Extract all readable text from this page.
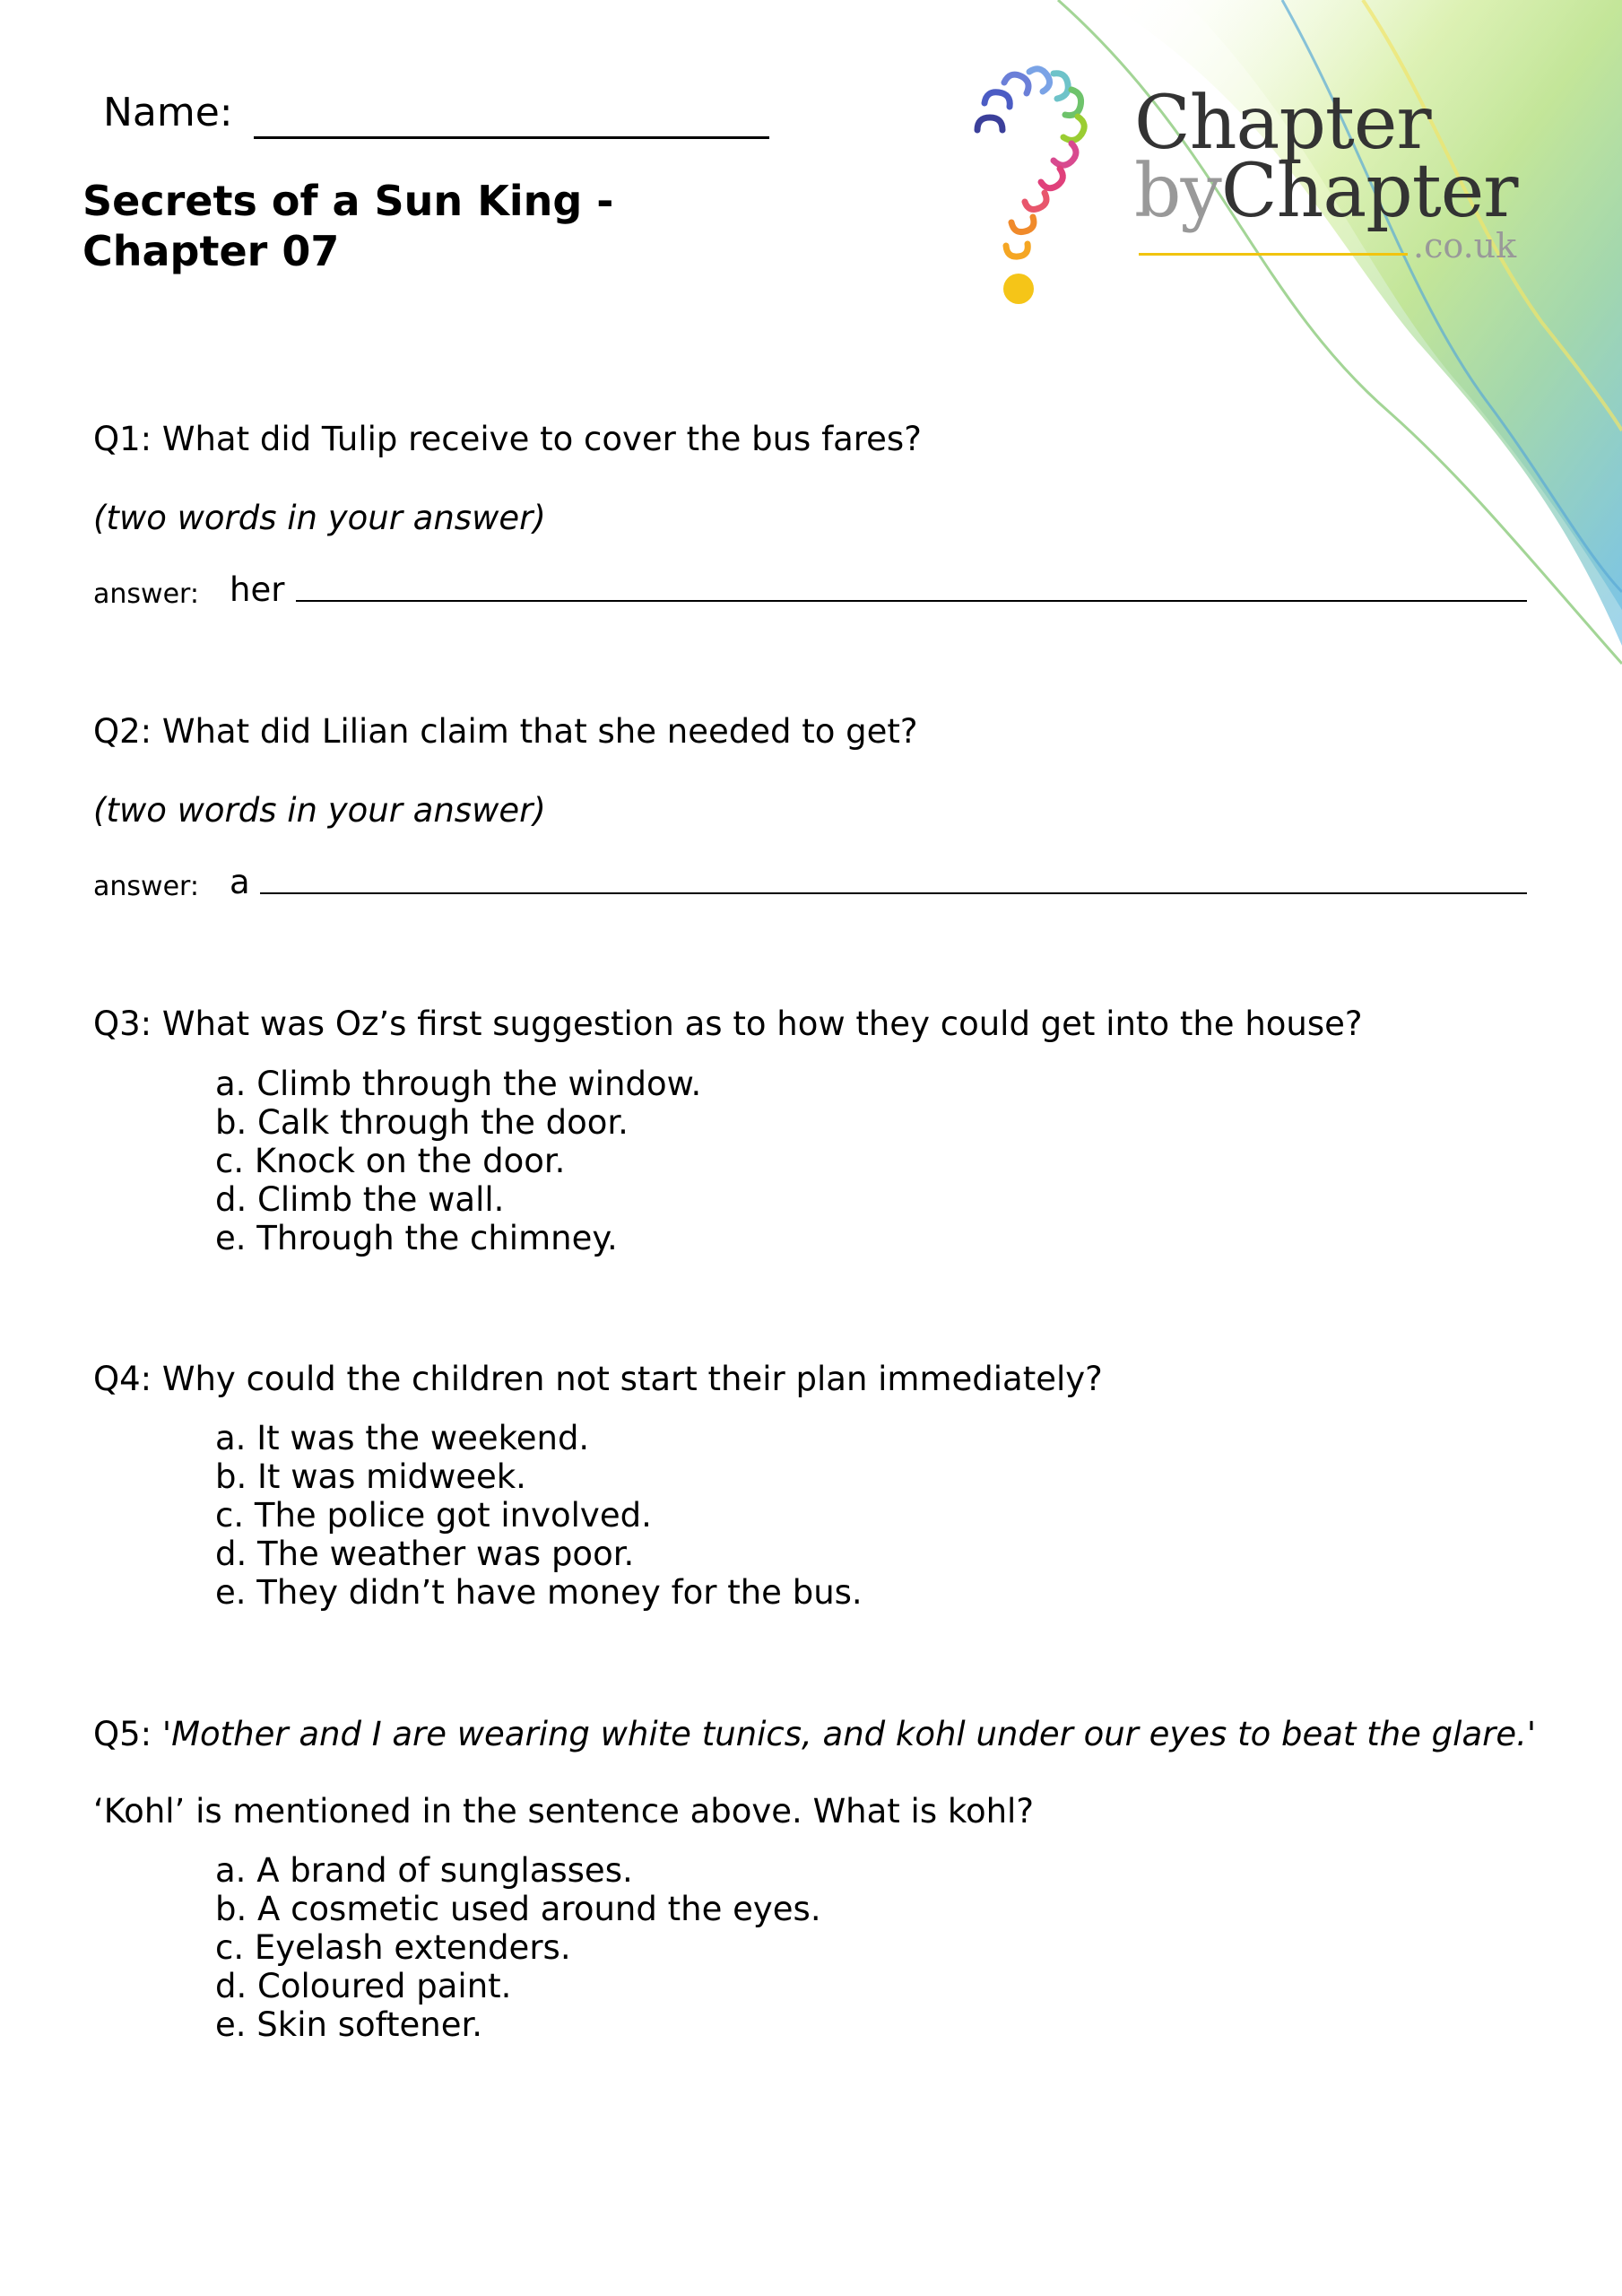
Name:
Secrets of a Sun King -
Chapter 07
Chapter
byChapter
.co.uk
Q1: What did Tulip receive to cover the bus fares?
(two words in your answer)
answer: her
Q2: What did Lilian claim that she needed to get?
(two words in your answer)
answer: a
Q3: What was Oz’s first suggestion as to how they could get into the house?
a. Climb through the window.
b. Calk through the door.
c. Knock on the door.
d. Climb the wall.
e. Through the chimney.
Q4: Why could the children not start their plan immediately?
a. It was the weekend.
b. It was midweek.
c. The police got involved.
d. The weather was poor.
e. They didn’t have money for the bus.
Q5: 'Mother and I are wearing white tunics, and kohl under our eyes to beat the glare.'
‘Kohl’ is mentioned in the sentence above. What is kohl?
a. A brand of sunglasses.
b. A cosmetic used around the eyes.
c. Eyelash extenders.
d. Coloured paint.
e. Skin softener.
